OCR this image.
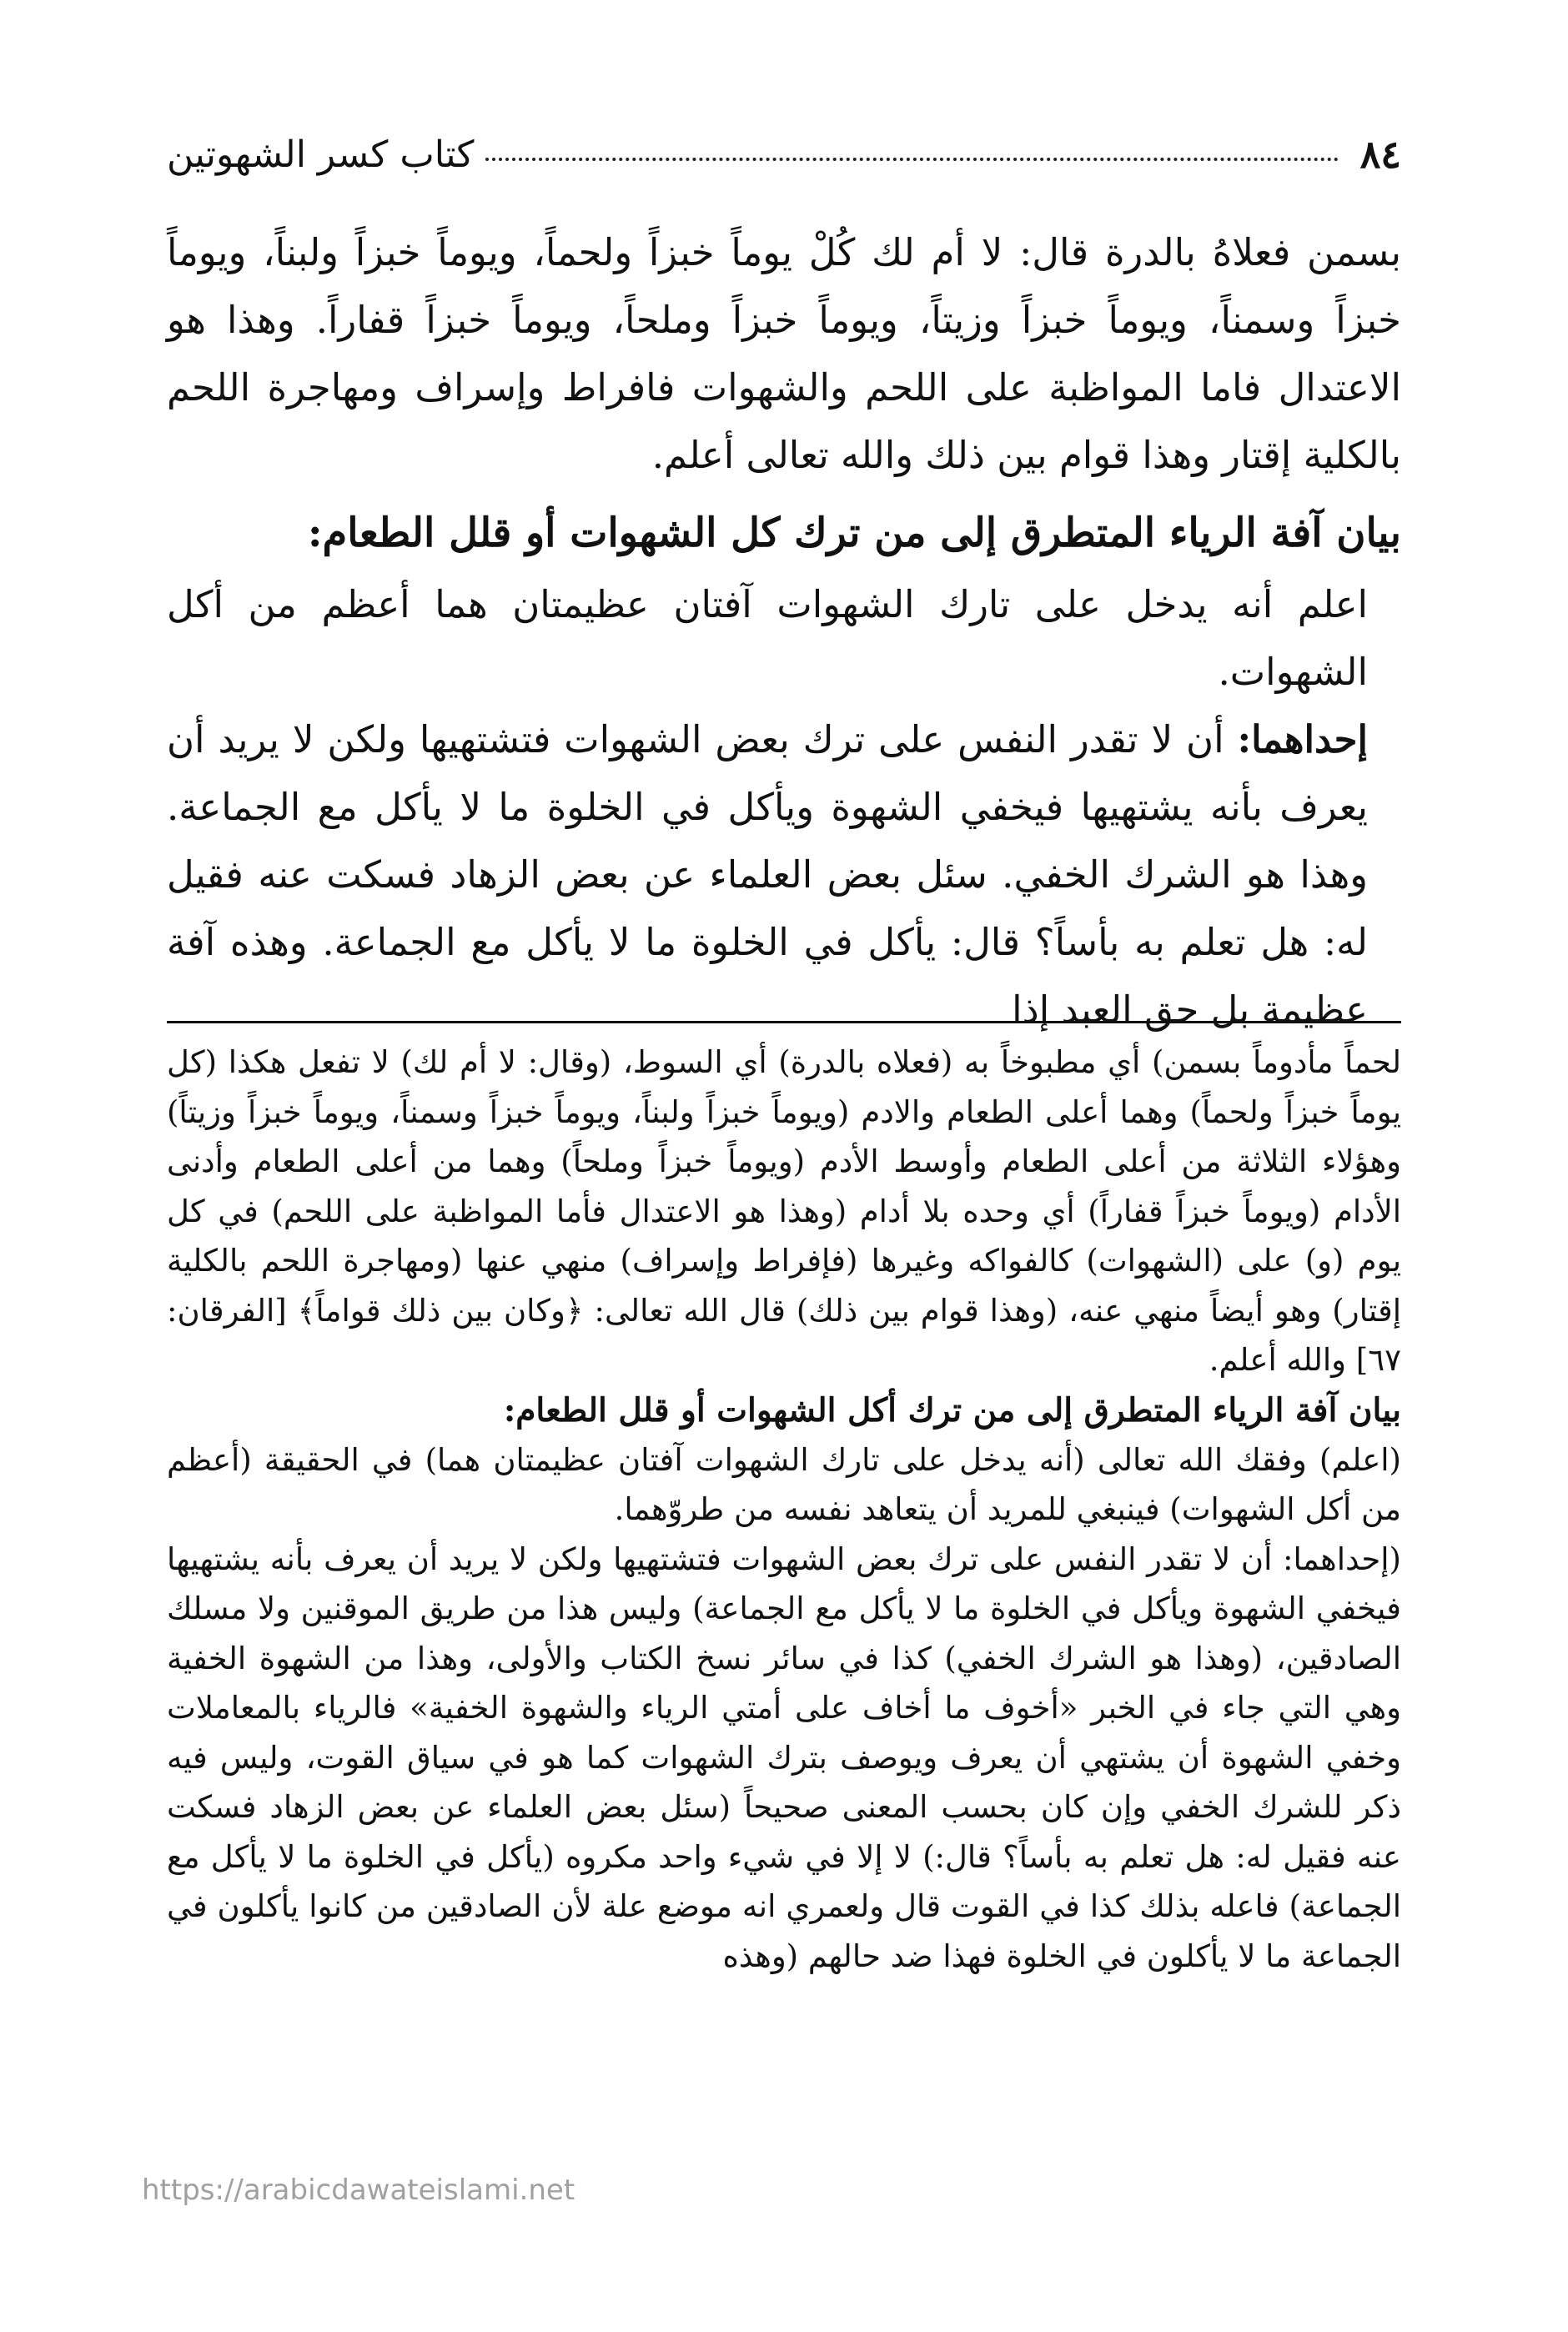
٨٤
كتاب كسر الشهوتين

بسمن فعلاهُ بالدرة قال: لا أم لك كُلْ يوماً خبزاً ولحماً، ويوماً خبزاً ولبناً، ويوماً خبزاً وسمناً، ويوماً خبزاً وزيتاً، ويوماً خبزاً وملحاً، ويوماً خبزاً قفاراً. وهذا هو الاعتدال فاما المواظبة على اللحم والشهوات فافراط وإسراف ومهاجرة اللحم بالكلية إقتار وهذا قوام بين ذلك والله تعالى أعلم.

بيان آفة الرياء المتطرق إلى من ترك كل الشهوات أو قلل الطعام:

اعلم أنه يدخل على تارك الشهوات آفتان عظيمتان هما أعظم من أكل الشهوات.

إحداهما: أن لا تقدر النفس على ترك بعض الشهوات فتشتهيها ولكن لا يريد أن يعرف بأنه يشتهيها فيخفي الشهوة ويأكل في الخلوة ما لا يأكل مع الجماعة. وهذا هو الشرك الخفي. سئل بعض العلماء عن بعض الزهاد فسكت عنه فقيل له: هل تعلم به بأساً؟ قال: يأكل في الخلوة ما لا يأكل مع الجماعة. وهذه آفة عظيمة بل حق العبد إذا

لحماً مأدوماً بسمن) أي مطبوخاً به (فعلاه بالدرة) أي السوط، (وقال: لا أم لك) لا تفعل هكذا (كل يوماً خبزاً ولحماً) وهما أعلى الطعام والادم (ويوماً خبزاً ولبناً، ويوماً خبزاً وسمناً، ويوماً خبزاً وزيتاً) وهؤلاء الثلاثة من أعلى الطعام وأوسط الأدم (ويوماً خبزاً وملحاً) وهما من أعلى الطعام وأدنى الأدام (ويوماً خبزاً قفاراً) أي وحده بلا أدام (وهذا هو الاعتدال فأما المواظبة على اللحم) في كل يوم (و) على (الشهوات) كالفواكه وغيرها (فإفراط وإسراف) منهي عنها (ومهاجرة اللحم بالكلية إقتار) وهو أيضاً منهي عنه، (وهذا قوام بين ذلك) قال الله تعالى: ﴿وكان بين ذلك قواماً﴾ [الفرقان: ٦٧] والله أعلم.

بيان آفة الرياء المتطرق إلى من ترك أكل الشهوات أو قلل الطعام:

(اعلم) وفقك الله تعالى (أنه يدخل على تارك الشهوات آفتان عظيمتان هما) في الحقيقة (أعظم من أكل الشهوات) فينبغي للمريد أن يتعاهد نفسه من طروّهما.

(إحداهما: أن لا تقدر النفس على ترك بعض الشهوات فتشتهيها ولكن لا يريد أن يعرف بأنه يشتهيها فيخفي الشهوة ويأكل في الخلوة ما لا يأكل مع الجماعة) وليس هذا من طريق الموقنين ولا مسلك الصادقين، (وهذا هو الشرك الخفي) كذا في سائر نسخ الكتاب والأولى، وهذا من الشهوة الخفية وهي التي جاء في الخبر «أخوف ما أخاف على أمتي الرياء والشهوة الخفية» فالرياء بالمعاملات وخفي الشهوة أن يشتهي أن يعرف ويوصف بترك الشهوات كما هو في سياق القوت، وليس فيه ذكر للشرك الخفي وإن كان بحسب المعنى صحيحاً (سئل بعض العلماء عن بعض الزهاد فسكت عنه فقيل له: هل تعلم به بأساً؟ قال:) لا إلا في شيء واحد مكروه (يأكل في الخلوة ما لا يأكل مع الجماعة) فاعله بذلك كذا في القوت قال ولعمري انه موضع علة لأن الصادقين من كانوا يأكلون في الجماعة ما لا يأكلون في الخلوة فهذا ضد حالهم (وهذه

https://arabicdawateislami.net
